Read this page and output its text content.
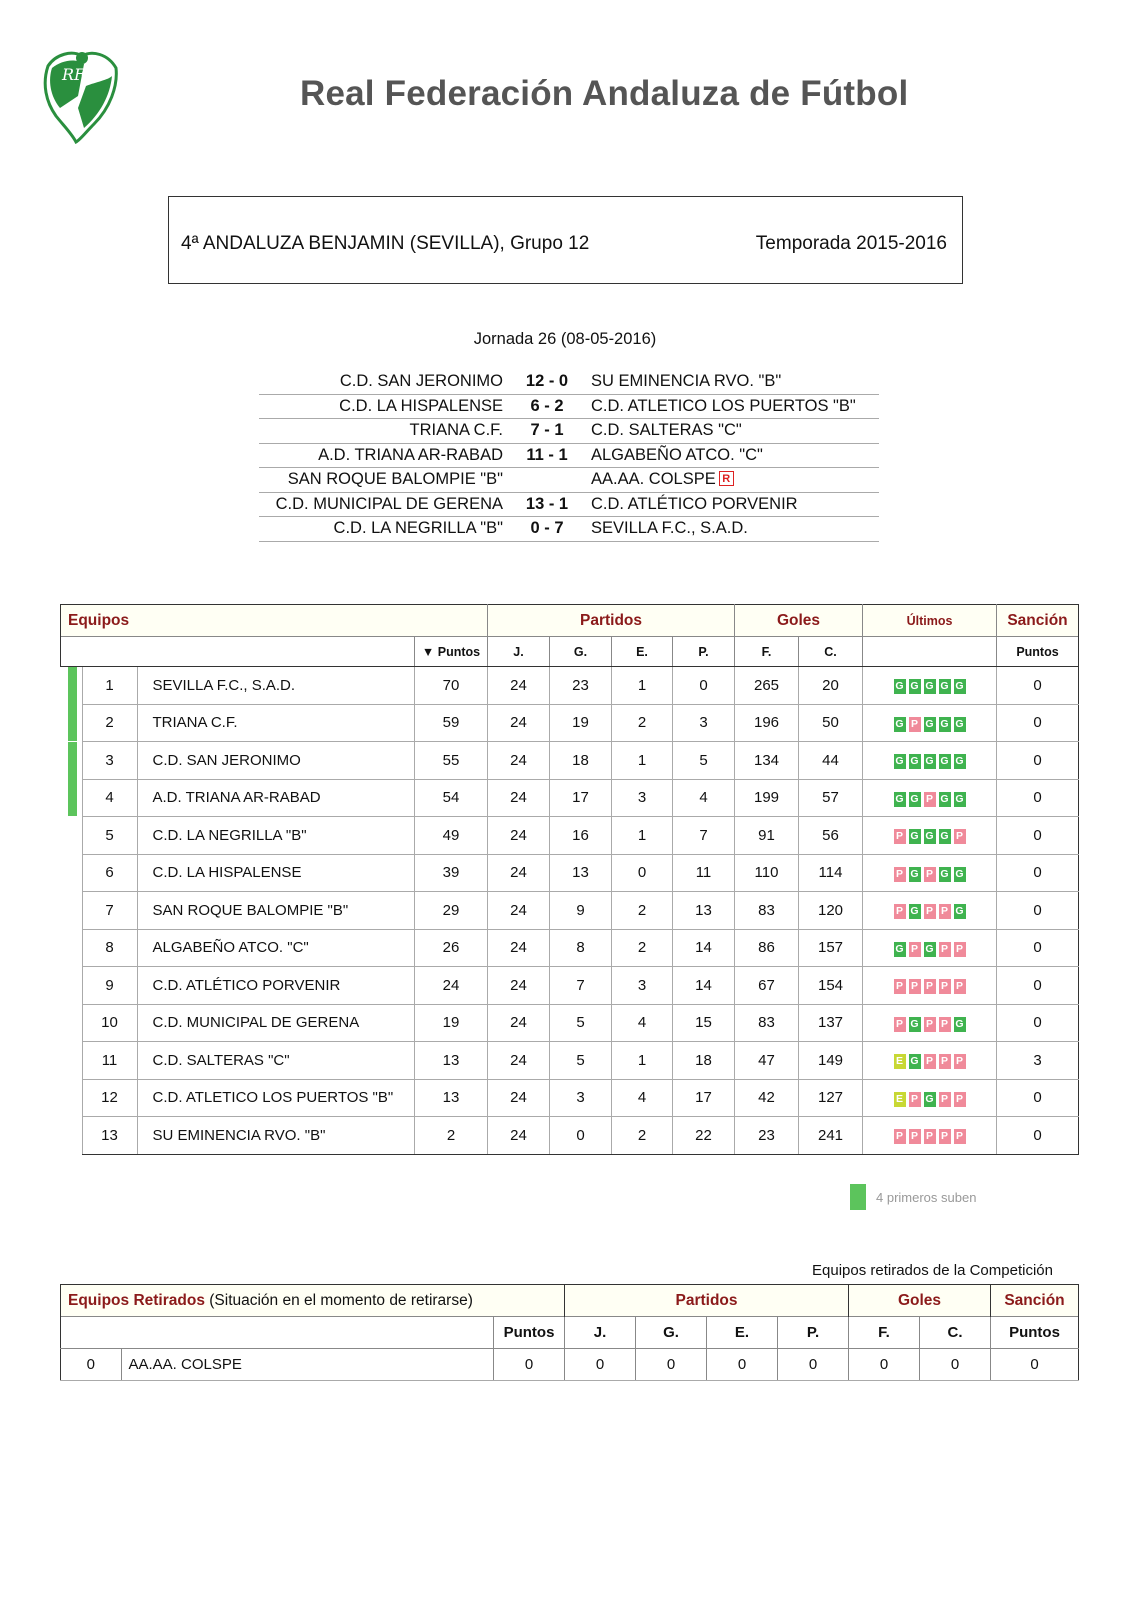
RFAF	Real Federación Andaluza de Fútbol
4ª ANDALUZA BENJAMIN (SEVILLA), Grupo 12	Temporada 2015-2016
Jornada 26 (08-05-2016)
C.D. SAN JERONIMO	12 - 0	SU EMINENCIA RVO. "B"
C.D. LA HISPALENSE	6 - 2	C.D. ATLETICO LOS PUERTOS "B"
TRIANA C.F.	7 - 1	C.D. SALTERAS "C"
A.D. TRIANA AR-RABAD	11 - 1	ALGABEÑO ATCO. "C"
SAN ROQUE BALOMPIE "B"		AA.AA. COLSPE R
C.D. MUNICIPAL DE GERENA	13 - 1	C.D. ATLÉTICO PORVENIR
C.D. LA NEGRILLA "B"	0 - 7	SEVILLA F.C., S.A.D.
Equipos				Partidos				Goles		Últimos	Sanción
			▼ Puntos	J.	G.	E.	P.	F.	C.		Puntos

	1	SEVILLA F.C., S.A.D.	70	24	23	1	0	265	20	G G G G G	0

	2	TRIANA C.F.	59	24	19	2	3	196	50	G P G G G	0

	3	C.D. SAN JERONIMO	55	24	18	1	5	134	44	G G G G G	0

	4	A.D. TRIANA AR-RABAD	54	24	17	3	4	199	57	G G P G G	0
	5	C.D. LA NEGRILLA "B"	49	24	16	1	7	91	56	P G G G P	0
	6	C.D. LA HISPALENSE	39	24	13	0	11	110	114	P G P G G	0
	7	SAN ROQUE BALOMPIE "B"	29	24	9	2	13	83	120	P G P P G	0
	8	ALGABEÑO ATCO. "C"	26	24	8	2	14	86	157	G P G P P	0
	9	C.D. ATLÉTICO PORVENIR	24	24	7	3	14	67	154	P P P P P	0
	10	C.D. MUNICIPAL DE GERENA	19	24	5	4	15	83	137	P G P P G	0
	11	C.D. SALTERAS "C"	13	24	5	1	18	47	149	E G P P P	3
	12	C.D. ATLETICO LOS PUERTOS "B"	13	24	3	4	17	42	127	E P G P P	0
	13	SU EMINENCIA RVO. "B"	2	24	0	2	22	23	241	P P P P P	0
4 primeros suben
Equipos retirados de la Competición
Equipos Retirados (Situación en el momento de retirarse)			Partidos				Goles		Sanción
		Puntos	J.	G.	E.	P.	F.	C.	Puntos
0	AA.AA. COLSPE	0	0	0	0	0	0	0	0
